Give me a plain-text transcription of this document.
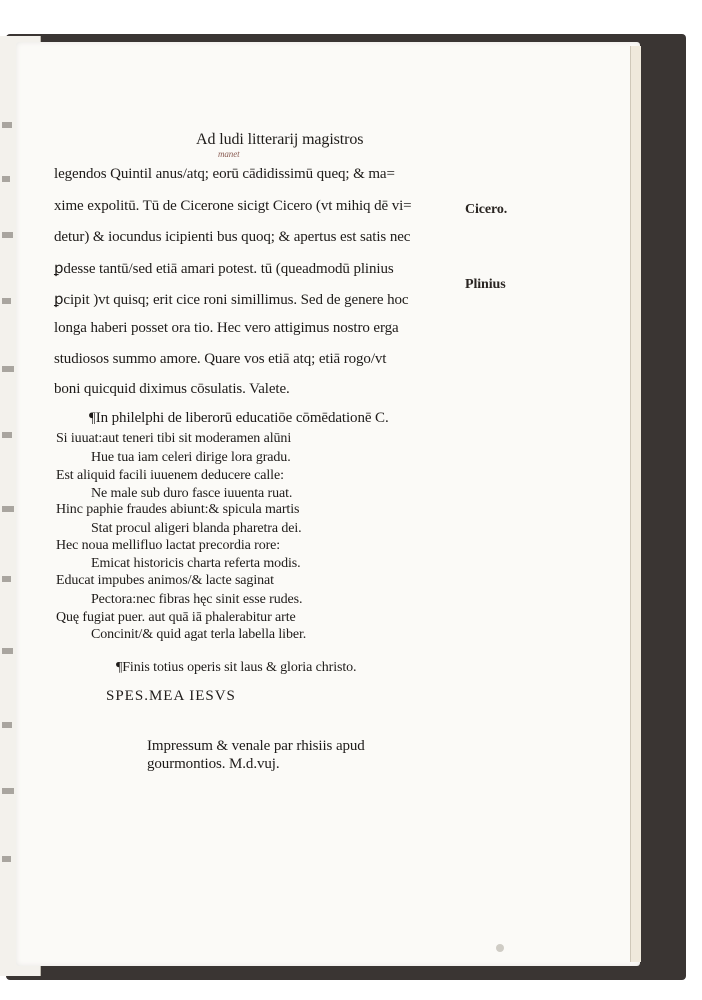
Ad ludi litterarij magistros
manet
legendos Quintil anus/atq; eorū cādidissimū queq; & ma=
xime expolitū. Tū de Cicerone sicigt Cicero (vt mihiq dē vi=
detur) & iocundus icipienti bus quoq; & apertus est satis nec
ꝑdesse tantū/sed etiā amari potest. tū (queadmodū plinius
ꝑcipit )vt quisq; erit cice roni simillimus. Sed de genere hoc
longa haberi posset ora tio. Hec vero attigimus nostro erga
studiosos summo amore. Quare vos etiā atq; etiā rogo/vt
boni quicquid diximus cōsulatis. Valete.
Cicero.
Plinius
¶In philelphi de liberorū educatiōe cōmēdationē C.
Si iuuat:aut teneri tibi sit moderamen alūni
Hue tua iam celeri dirige lora gradu.
Est aliquid facili iuuenem deducere calle:
Ne male sub duro fasce iuuenta ruat.
Hinc paphie fraudes abiunt:& spicula martis
Stat procul aligeri blanda pharetra dei.
Hec noua mellifluo lactat precordia rore:
Emicat historicis charta referta modis.
Educat impubes animos/& lacte saginat
Pectora:nec fibras hęc sinit esse rudes.
Quę fugiat puer. aut quā iā phalerabitur arte
Concinit/& quid agat terla labella liber.
¶Finis totius operis sit laus & gloria christo.
SPES.MEA IESVS
Impressum & venale par rhisiis apud
gourmontios. M.d.vuj.
